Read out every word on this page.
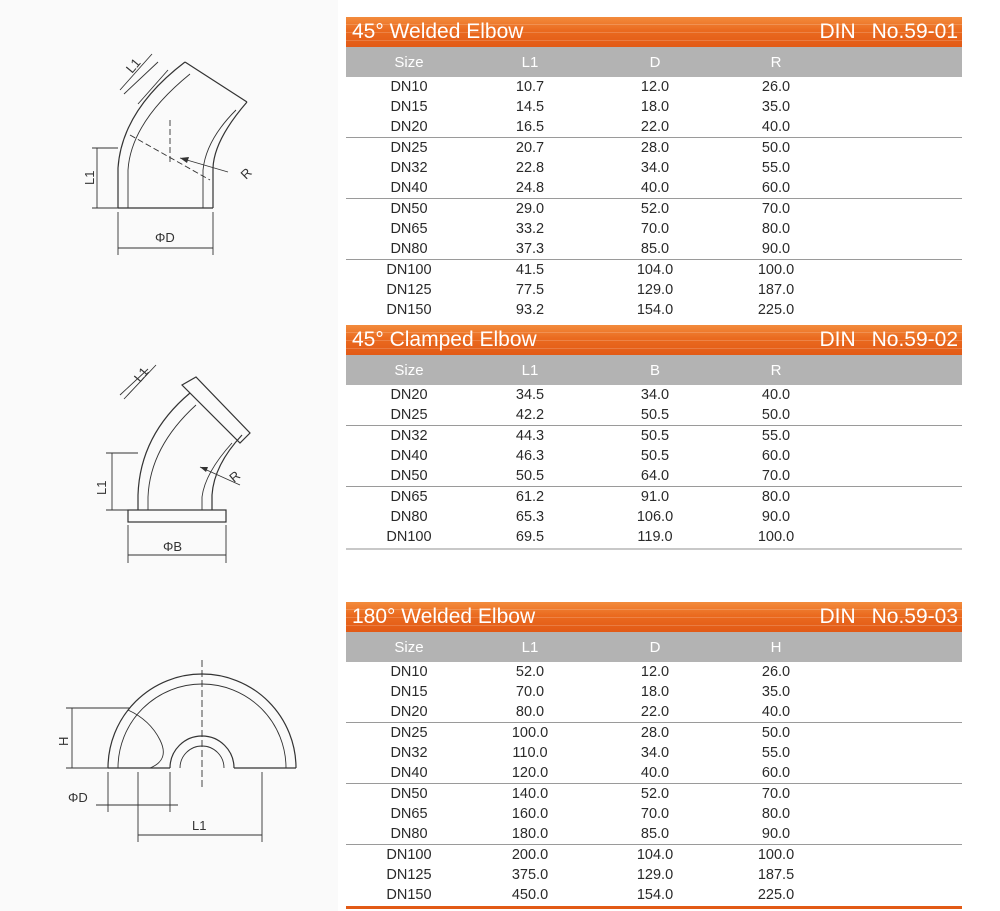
L1
L1	R
ΦD
L1
L1
R
ΦB
H
ΦD
L1
45° Welded Elbow	DIN No.59-01
Size	L1	D	R
DN10	10.7	12.0	26.0
DN15	14.5	18.0	35.0
DN20	16.5	22.0	40.0
DN25	20.7	28.0	50.0
DN32	22.8	34.0	55.0
DN40	24.8	40.0	60.0
DN50	29.0	52.0	70.0
DN65	33.2	70.0	80.0
DN80	37.3	85.0	90.0
DN100	41.5	104.0	100.0
DN125	77.5	129.0	187.0
DN150	93.2	154.0	225.0
45° Clamped Elbow	DIN No.59-02
Size	L1	B	R
DN20	34.5	34.0	40.0
DN25	42.2	50.5	50.0
DN32	44.3	50.5	55.0
DN40	46.3	50.5	60.0
DN50	50.5	64.0	70.0
DN65	61.2	91.0	80.0
DN80	65.3	106.0	90.0
DN100	69.5	119.0	100.0
180° Welded Elbow	DIN No.59-03
Size	L1	D	H
DN10	52.0	12.0	26.0
DN15	70.0	18.0	35.0
DN20	80.0	22.0	40.0
DN25	100.0	28.0	50.0
DN32	110.0	34.0	55.0
DN40	120.0	40.0	60.0
DN50	140.0	52.0	70.0
DN65	160.0	70.0	80.0
DN80	180.0	85.0	90.0
DN100	200.0	104.0	100.0
DN125	375.0	129.0	187.5
DN150	450.0	154.0	225.0
